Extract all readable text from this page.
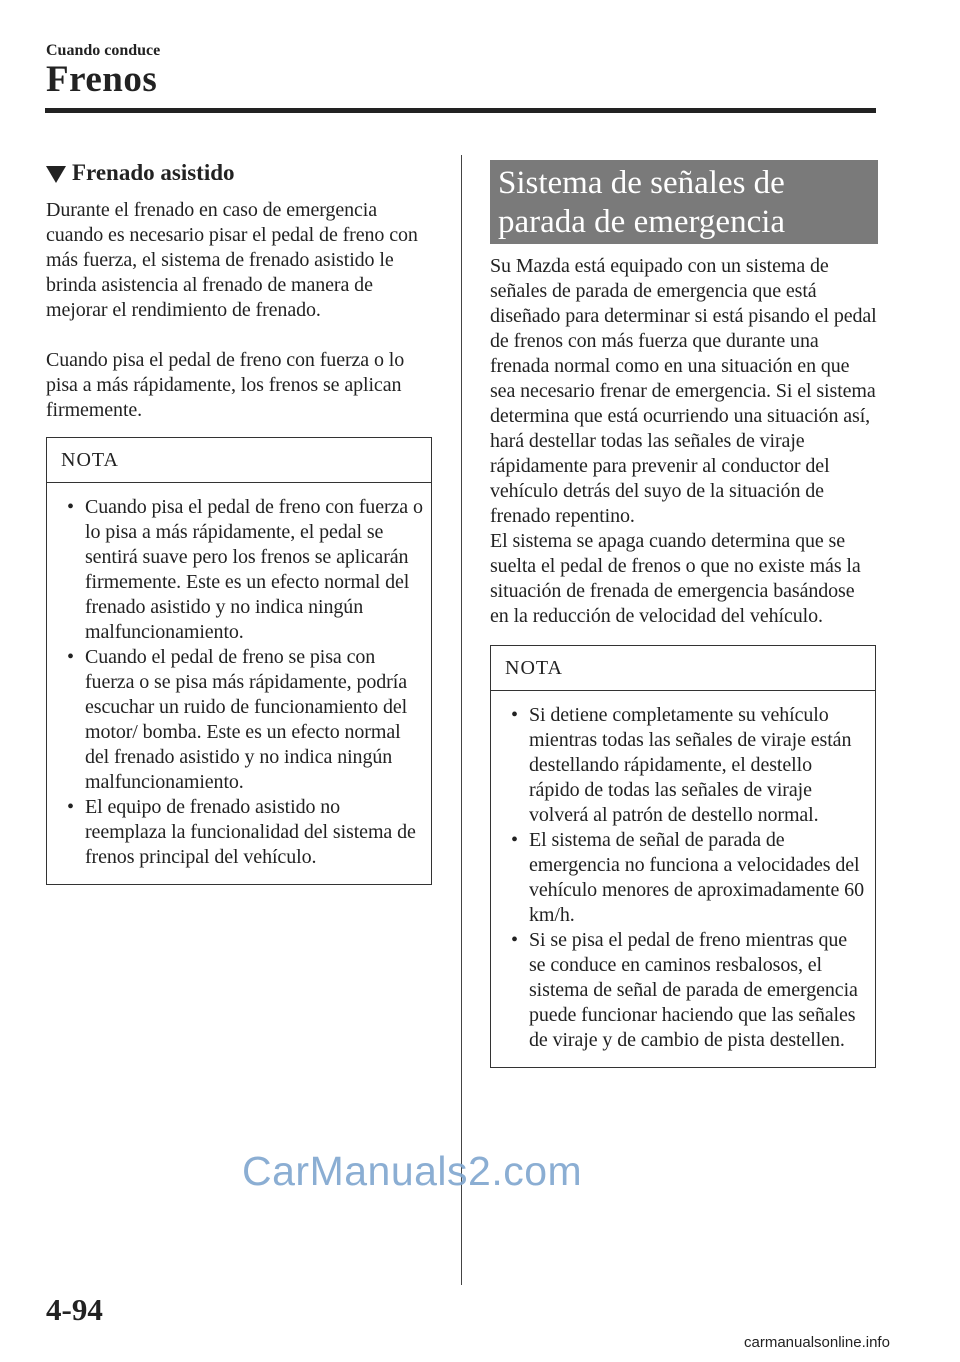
Cuando conduce
Frenos
Frenado asistido

Durante el frenado en caso de emergencia cuando es necesario pisar el pedal de freno con más fuerza, el sistema de frenado asistido le brinda asistencia al frenado de manera de mejorar el rendimiento de frenado.

Cuando pisa el pedal de freno con fuerza o lo pisa a más rápidamente, los frenos se aplican firmemente.

NOTA
• Cuando pisa el pedal de freno con fuerza o lo pisa a más rápidamente, el pedal se sentirá suave pero los frenos se aplicarán firmemente. Este es un efecto normal del frenado asistido y no indica ningún malfuncionamiento.
• Cuando el pedal de freno se pisa con fuerza o se pisa más rápidamente, podría escuchar un ruido de funcionamiento del motor/ bomba. Este es un efecto normal del frenado asistido y no indica ningún malfuncionamiento.
• El equipo de frenado asistido no reemplaza la funcionalidad del sistema de frenos principal del vehículo.
Sistema de señales de parada de emergencia

Su Mazda está equipado con un sistema de señales de parada de emergencia que está diseñado para determinar si está pisando el pedal de frenos con más fuerza que durante una frenada normal como en una situación en que sea necesario frenar de emergencia. Si el sistema determina que está ocurriendo una situación así, hará destellar todas las señales de viraje rápidamente para prevenir al conductor del vehículo detrás del suyo de la situación de frenado repentino.

El sistema se apaga cuando determina que se suelta el pedal de frenos o que no existe más la situación de frenada de emergencia basándose en la reducción de velocidad del vehículo.

NOTA
• Si detiene completamente su vehículo mientras todas las señales de viraje están destellando rápidamente, el destello rápido de todas las señales de viraje volverá al patrón de destello normal.
• El sistema de señal de parada de emergencia no funciona a velocidades del vehículo menores de aproximadamente 60 km/h.
• Si se pisa el pedal de freno mientras que se conduce en caminos resbalosos, el sistema de señal de parada de emergencia puede funcionar haciendo que las señales de viraje y de cambio de pista destellen.
CarManuals2.com
4-94
carmanualsonline.info
